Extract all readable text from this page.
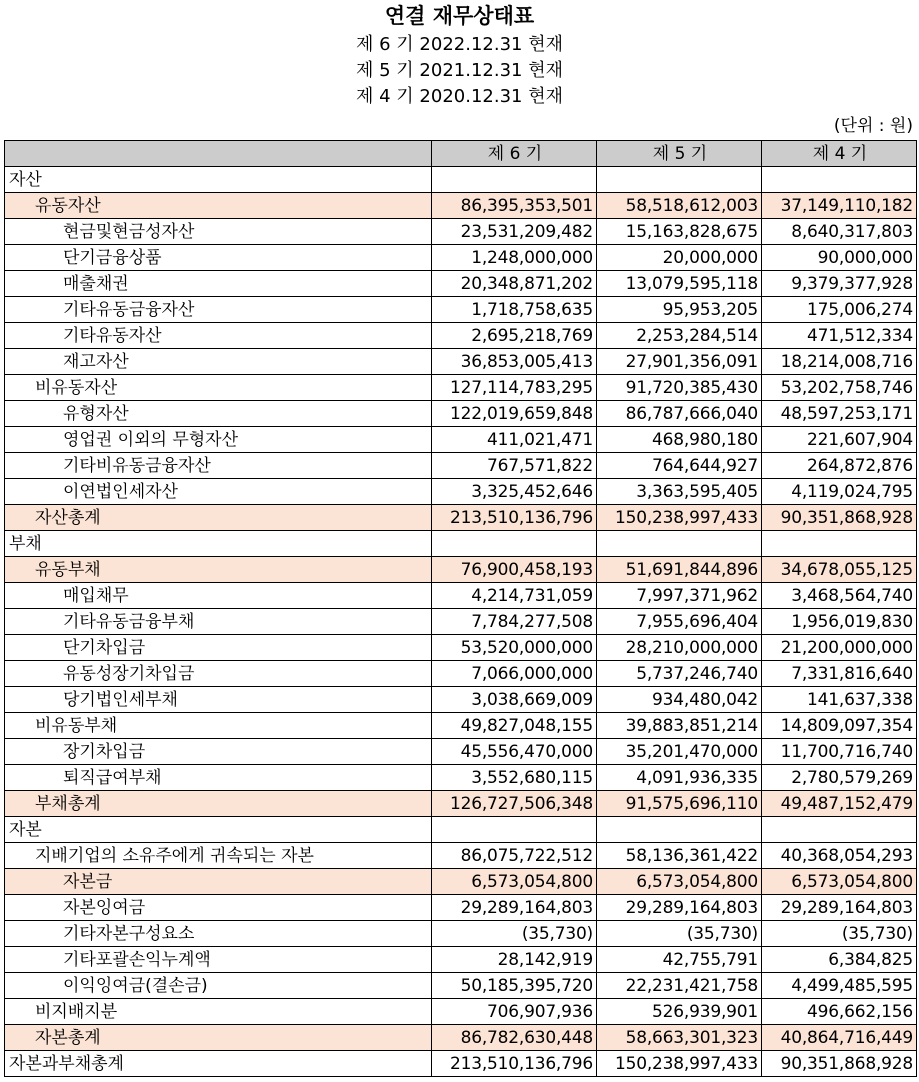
연결 재무상태표
제 6 기 2022.12.31 현재
제 5 기 2021.12.31 현재
제 4 기 2020.12.31 현재
(단위 : 원)
	제 6 기	제 5 기	제 4 기
자산			
유동자산	86,395,353,501	58,518,612,003	37,149,110,182
현금및현금성자산	23,531,209,482	15,163,828,675	8,640,317,803
단기금융상품	1,248,000,000	20,000,000	90,000,000
매출채권	20,348,871,202	13,079,595,118	9,379,377,928
기타유동금융자산	1,718,758,635	95,953,205	175,006,274
기타유동자산	2,695,218,769	2,253,284,514	471,512,334
재고자산	36,853,005,413	27,901,356,091	18,214,008,716
비유동자산	127,114,783,295	91,720,385,430	53,202,758,746
유형자산	122,019,659,848	86,787,666,040	48,597,253,171
영업권 이외의 무형자산	411,021,471	468,980,180	221,607,904
기타비유동금융자산	767,571,822	764,644,927	264,872,876
이연법인세자산	3,325,452,646	3,363,595,405	4,119,024,795
자산총계	213,510,136,796	150,238,997,433	90,351,868,928
부채			
유동부채	76,900,458,193	51,691,844,896	34,678,055,125
매입채무	4,214,731,059	7,997,371,962	3,468,564,740
기타유동금융부채	7,784,277,508	7,955,696,404	1,956,019,830
단기차입금	53,520,000,000	28,210,000,000	21,200,000,000
유동성장기차입금	7,066,000,000	5,737,246,740	7,331,816,640
당기법인세부채	3,038,669,009	934,480,042	141,637,338
비유동부채	49,827,048,155	39,883,851,214	14,809,097,354
장기차입금	45,556,470,000	35,201,470,000	11,700,716,740
퇴직급여부채	3,552,680,115	4,091,936,335	2,780,579,269
부채총계	126,727,506,348	91,575,696,110	49,487,152,479
자본			
지배기업의 소유주에게 귀속되는 자본	86,075,722,512	58,136,361,422	40,368,054,293
자본금	6,573,054,800	6,573,054,800	6,573,054,800
자본잉여금	29,289,164,803	29,289,164,803	29,289,164,803
기타자본구성요소	(35,730)	(35,730)	(35,730)
기타포괄손익누계액	28,142,919	42,755,791	6,384,825
이익잉여금(결손금)	50,185,395,720	22,231,421,758	4,499,485,595
비지배지분	706,907,936	526,939,901	496,662,156
자본총계	86,782,630,448	58,663,301,323	40,864,716,449
자본과부채총계	213,510,136,796	150,238,997,433	90,351,868,928
